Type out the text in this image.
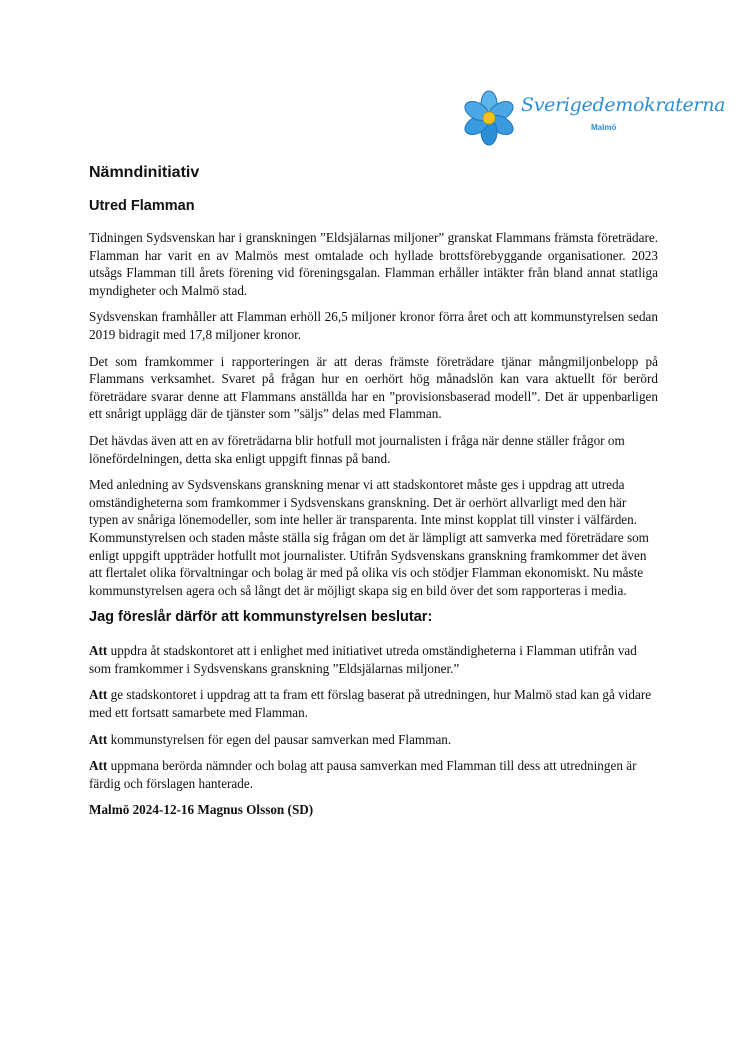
Sverigedemokraterna
Malmö
Nämndinitiativ
Utred Flamman

Tidningen Sydsvenskan har i granskningen ”Eldsjälarnas miljoner” granskat Flammans främsta företrädare. Flamman har varit en av Malmös mest omtalade och hyllade brottsförebyggande organisationer. 2023 utsågs Flamman till årets förening vid föreningsgalan. Flamman erhåller intäkter från bland annat statliga myndigheter och Malmö stad.

Sydsvenskan framhåller att Flamman erhöll 26,5 miljoner kronor förra året och att kommunstyrelsen sedan 2019 bidragit med 17,8 miljoner kronor.

Det som framkommer i rapporteringen är att deras främste företrädare tjänar mångmiljonbelopp på Flammans verksamhet. Svaret på frågan hur en oerhört hög månadslön kan vara aktuellt för berörd företrädare svarar denne att Flammans anställda har en ”provisionsbaserad modell”. Det är uppenbarligen ett snårigt upplägg där de tjänster som ”säljs” delas med Flamman.

Det hävdas även att en av företrädarna blir hotfull mot journalisten i fråga när denne ställer frågor om lönefördelningen, detta ska enligt uppgift finnas på band.

Med anledning av Sydsvenskans granskning menar vi att stadskontoret måste ges i uppdrag att utreda omständigheterna som framkommer i Sydsvenskans granskning. Det är oerhört allvarligt med den här typen av snåriga lönemodeller, som inte heller är transparenta. Inte minst kopplat till vinster i välfärden. Kommunstyrelsen och staden måste ställa sig frågan om det är lämpligt att samverka med företrädare som enligt uppgift uppträder hotfullt mot journalister. Utifrån Sydsvenskans granskning framkommer det även att flertalet olika förvaltningar och bolag är med på olika vis och stödjer Flamman ekonomiskt. Nu måste kommunstyrelsen agera och så långt det är möjligt skapa sig en bild över det som rapporteras i media.

Jag föreslår därför att kommunstyrelsen beslutar:

Att uppdra åt stadskontoret att i enlighet med initiativet utreda omständigheterna i Flamman utifrån vad som framkommer i Sydsvenskans granskning ”Eldsjälarnas miljoner.”

Att ge stadskontoret i uppdrag att ta fram ett förslag baserat på utredningen, hur Malmö stad kan gå vidare med ett fortsatt samarbete med Flamman.

Att kommunstyrelsen för egen del pausar samverkan med Flamman.

Att uppmana berörda nämnder och bolag att pausa samverkan med Flamman till dess att utredningen är färdig och förslagen hanterade.

Malmö 2024-12-16 Magnus Olsson (SD)
